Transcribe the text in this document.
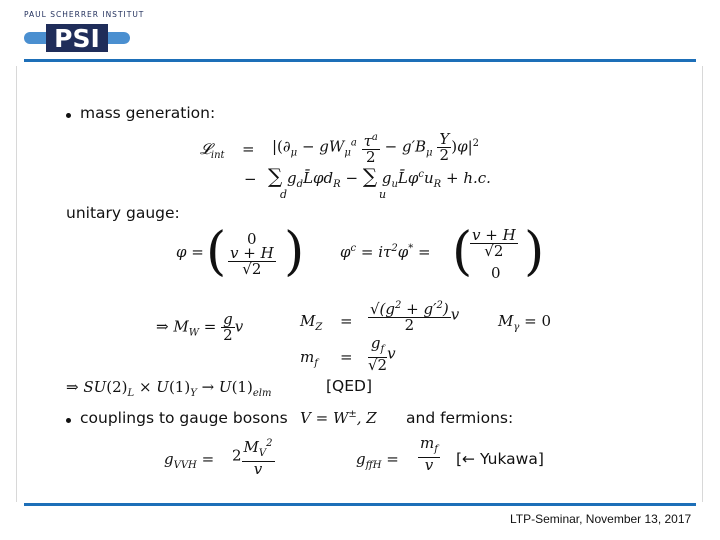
PAUL SCHERRER INSTITUT
PSI
mass generation:
𝓛$_{int}$ = $|(\partial_\mu - gW_\mu^a \frac{\tau^a}{2} - g'B_\mu \frac{Y}{2} )\varphi|^2$
− ∑ $g_dL̄\varphi d_R$ − ∑ $g_uL̄\varphi^cu_R + h.c$.
d	u
unitary gauge:
φ = ( 0
$\frac{v + H}{√2}$ ) $\varphi^c = i\tau^2\varphi^*$ = (
$\frac{v + H}{√2}$
0 )
⇒ $M_W = \frac{g}{2}$ v	$M_Z = \frac{√(g^2 + g'^2)}{2}$ v	$M_\gamma = 0$
$m_f = \frac{g_f}{√2}$ v
⇒ $SU(2)_L \times U(1)_Y \to U(1)_{elm}$	[QED]
couplings to gauge bosons V = W±, Z and fermions:
$g_{VVH} = 2 \frac{M_V^2}{v}$	$g_{ffH} = \frac{m_f}{v}$ [← Yukawa]
LTP-Seminar, November 13, 2017
